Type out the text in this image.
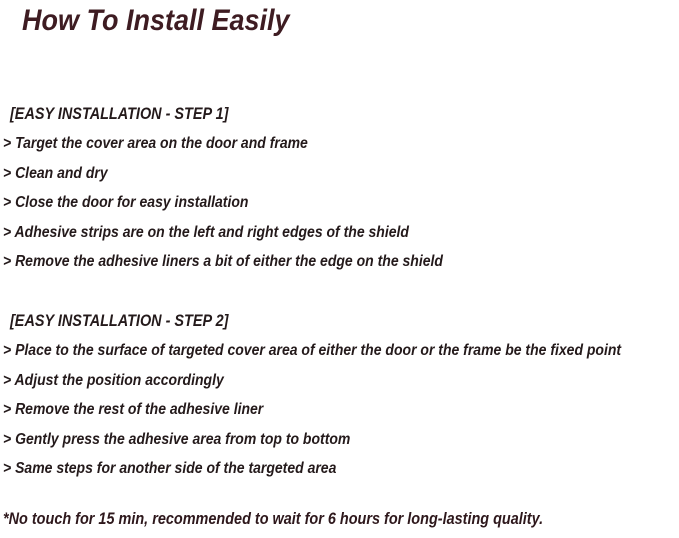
How To Install Easily
[EASY INSTALLATION - STEP 1]
> Target the cover area on the door and frame
> Clean and dry
> Close the door for easy installation
> Adhesive strips are on the left and right edges of the shield
> Remove the adhesive liners a bit of either the edge on the shield
[EASY INSTALLATION - STEP 2]
> Place to the surface of targeted cover area of either the door or the frame be the fixed point
> Adjust the position accordingly
> Remove the rest of the adhesive liner
> Gently press the adhesive area from top to bottom
> Same steps for another side of the targeted area
*No touch for 15 min, recommended to wait for 6 hours for long-lasting quality.
